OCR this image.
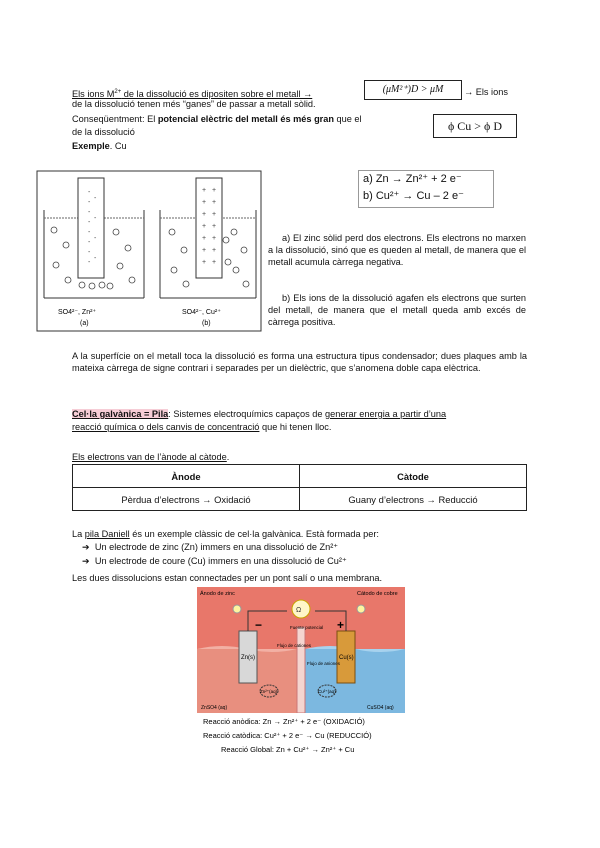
Els ions $M^{2+}$ de la dissolució es dipositen sobre el metall →	(μM²⁺)D > μM	→ Els ions
de la dissolució tenen més “ganes” de passar a metall sòlid.
Conseqüentment: El potencial elèctric del metall és més gran que el	ϕ Cu > ϕ D
de la dissolució
Exemple. Cu
a) Zn → Zn²⁺ + 2 e⁻
b) Cu²⁺ → Cu – 2 e⁻
-
-
-
-
-
-
-
-
-
-
-
-
SO4²⁻, Zn²⁺
(a)
+ +
+ +
+ +
+ +
+ +
+ +
+ +
SO4²⁻, Cu²⁺
(b)
a) El zinc sòlid perd dos electrons. Els electrons no marxen a la dissolució, sinó que es queden al metall, de manera que el metall acumula càrrega negativa.
b) Els ions de la dissolució agafen els electrons que surten del metall, de manera que el metall queda amb excés de càrrega positiva.
A la superfície on el metall toca la dissolució es forma una estructura tipus condensador; dues plaques amb la mateixa càrrega de signe contrari i separades per un dielèctric, que s’anomena doble capa elèctrica.
Cel·la galvànica = Pila: Sistemes electroquímics capaços de generar energia a partir d’una
reacció química o dels canvis de concentració que hi tenen lloc.
Els electrons van de l’ànode al càtode.
Ànode	Càtode
Pèrdua d’electrons → Oxidació	Guany d’electrons → Reducció
La pila Daniell és un exemple clàssic de cel·la galvànica. Està formada per:
➔  Un electrode de zinc (Zn) immers en una dissolució de Zn²⁺
➔  Un electrode de coure (Cu) immers en una dissolució de Cu²⁺
Les dues dissolucions estan connectades per un pont salí o una membrana.
Zn(s)	Cu(s)
Ω
Fuente potencial
Ánodo de zinc	Cátodo de cobre
−	+
Flujo de cationes
Flujo de aniones
Zn²⁺(aq)	Cu²⁺(aq)
ZnSO4 (aq)	CuSO4 (aq)
Reacció anòdica: Zn → Zn²⁺ + 2 e⁻ (OXIDACIÓ)
Reacció catòdica: Cu²⁺ + 2 e⁻ → Cu (REDUCCIÓ)
Reacció Global: Zn + Cu²⁺ → Zn²⁺ + Cu
